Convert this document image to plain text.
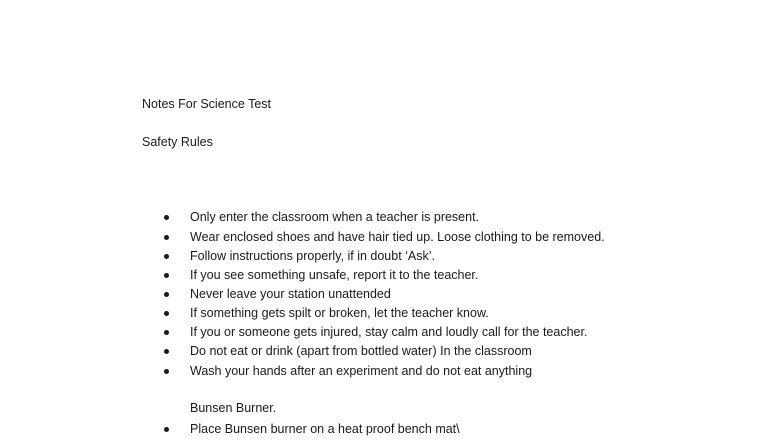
Notes For Science Test
Safety Rules
Only enter the classroom when a teacher is present.
Wear enclosed shoes and have hair tied up. Loose clothing to be removed.
Follow instructions properly, if in doubt ‘Ask’.
If you see something unsafe, report it to the teacher.
Never leave your station unattended
If something gets spilt or broken, let the teacher know.
If you or someone gets injured, stay calm and loudly call for the teacher.
Do not eat or drink (apart from bottled water) In the classroom
Wash your hands after an experiment and do not eat anything
Bunsen Burner.
Place Bunsen burner on a heat proof bench mat\
